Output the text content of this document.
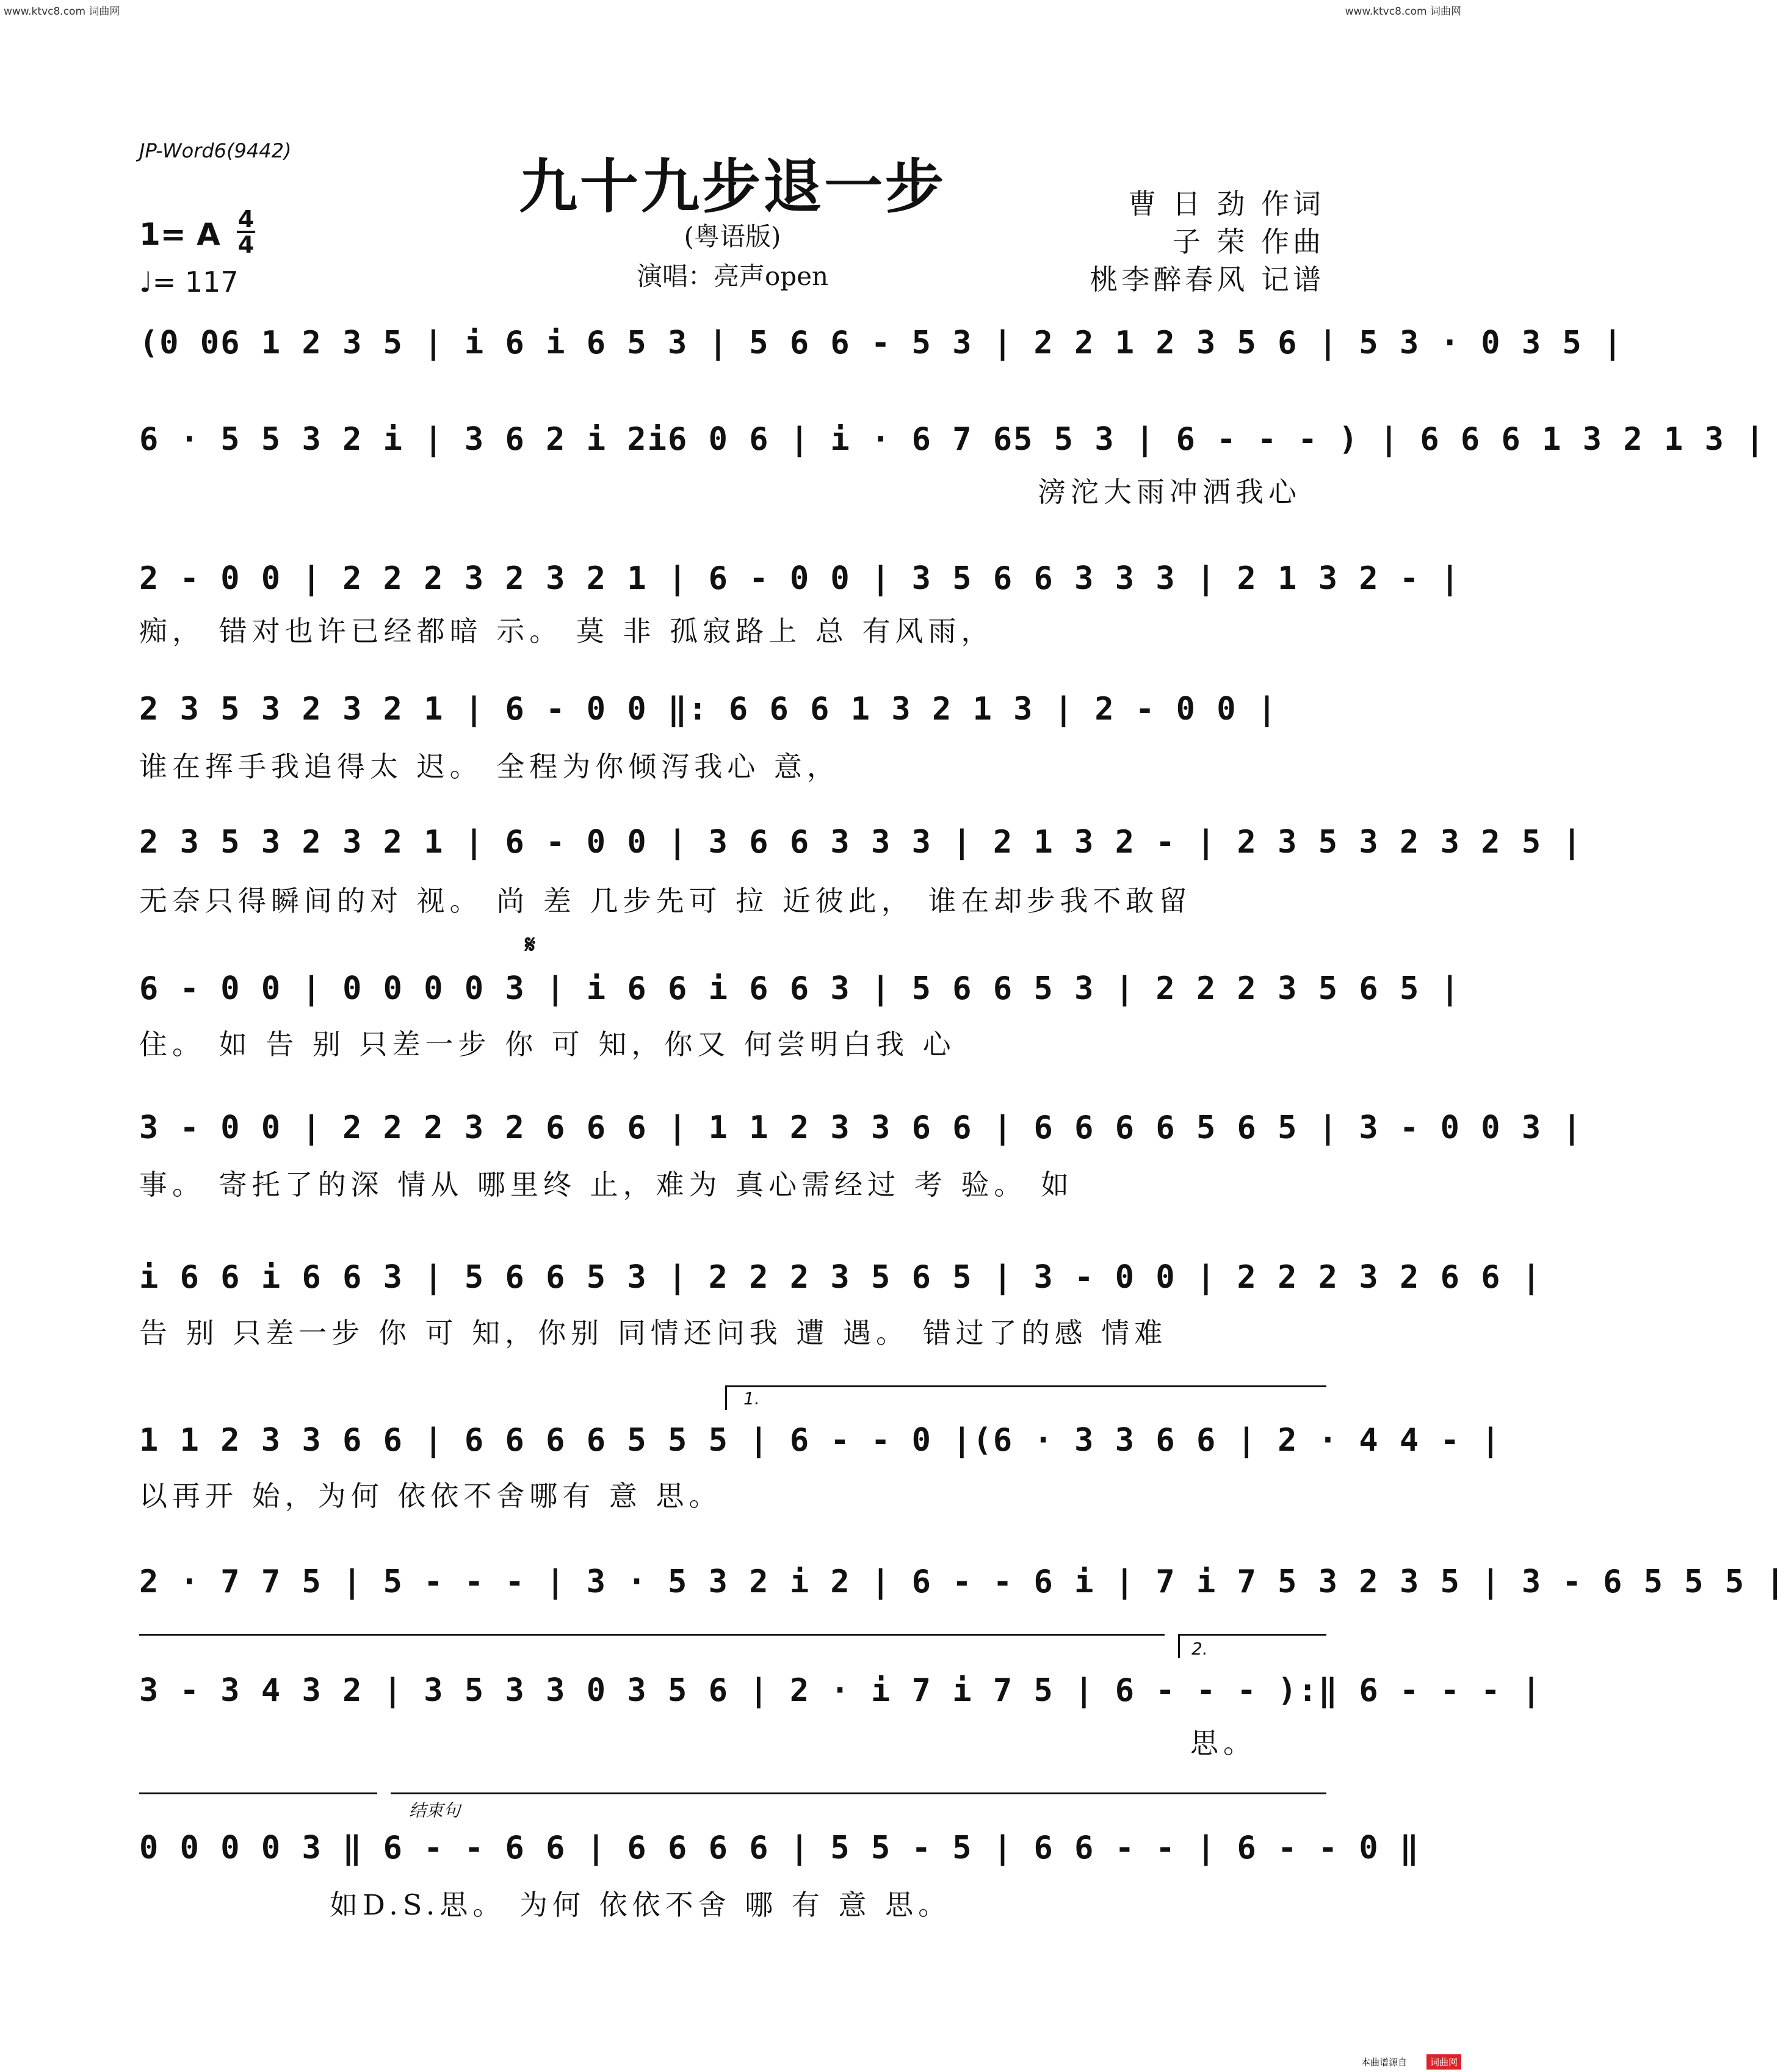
www.ktvc8.com 词曲网	www.ktvc8.com 词曲网
JP-Word6(9442)
九十九步退一步
(粤语版)
演唱：亮声open
曹 日 劲 作词
子 荣 作曲
桃李醉春风 记谱
1= A 4
4
♩= 117
(0 06 1 2 3 5 | i 6 i 6 5 3 | 5 6 6 - 5 3 | 2 2 1 2 3 5 6 | 5 3 · 0 3 5 |
6 · 5 5 3 2 i | 3 6 2 i 2i6 0 6 | i · 6 7 65 5 3 | 6 - - - ) | 6 6 6 1 3 2 1 3 |
滂沱大雨冲洒我心
2 - 0 0 | 2 2 2 3 2 3 2 1 | 6 - 0 0 | 3 5 6 6 3 3 3 | 2 1 3 2 - |
痴， 错对也许已经都暗 示。 莫 非 孤寂路上 总 有风雨，
2 3 5 3 2 3 2 1 | 6 - 0 0 ‖: 6 6 6 1 3 2 1 3 | 2 - 0 0 |
谁在挥手我追得太 迟。 全程为你倾泻我心 意，
2 3 5 3 2 3 2 1 | 6 - 0 0 | 3 6 6 3 3 3 | 2 1 3 2 - | 2 3 5 3 2 3 2 5 |
无奈只得瞬间的对 视。 尚 差 几步先可 拉 近彼此， 谁在却步我不敢留
𝄋
6 - 0 0 | 0 0 0 0 3 | i 6 6 i 6 6 3 | 5 6 6 5 3 | 2 2 2 3 5 6 5 |
住。 如 告 别 只差一步 你 可 知，你又 何尝明白我 心
3 - 0 0 | 2 2 2 3 2 6 6 6 | 1 1 2 3 3 6 6 | 6 6 6 6 5 6 5 | 3 - 0 0 3 |
事。 寄托了的深 情从 哪里终 止，难为 真心需经过 考 验。 如
i 6 6 i 6 6 3 | 5 6 6 5 3 | 2 2 2 3 5 6 5 | 3 - 0 0 | 2 2 2 3 2 6 6 |
告 别 只差一步 你 可 知，你别 同情还问我 遭 遇。 错过了的感 情难
1.
1 1 2 3 3 6 6 | 6 6 6 6 5 5 5 | 6 - - 0 |(6 · 3 3 6 6 | 2 · 4 4 - |
以再开 始，为何 依依不舍哪有 意 思。
2 · 7 7 5 | 5 - - - | 3 · 5 3 2 i 2 | 6 - - 6 i | 7 i 7 5 3 2 3 5 | 3 - 6 5 5 5 |
2.
3 - 3 4 3 2 | 3 5 3 3 0 3 5 6 | 2 · i 7 i 7 5 | 6 - - - ):‖ 6 - - - |
思。
结束句
0 0 0 0 3 ‖ 6 - - 6 6 | 6 6 6 6 | 5 5 - 5 | 6 6 - - | 6 - - 0 ‖
如D.S.思。 为何 依依不舍 哪 有 意 思。
本曲谱源自	词曲网
